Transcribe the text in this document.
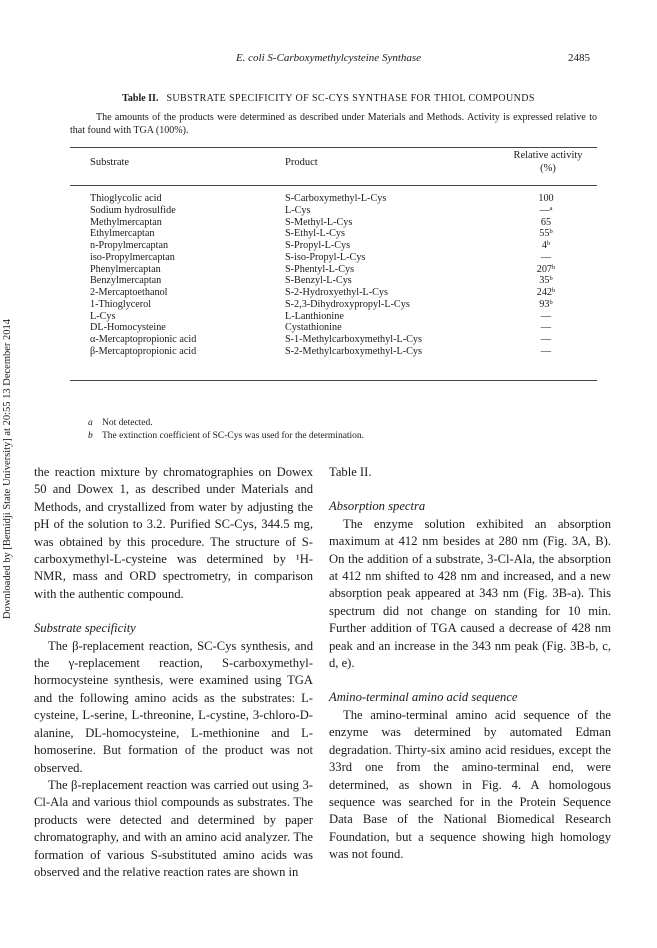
Downloaded by [Bemidji State University] at 20:55 13 December 2014
E. coli S-Carboxymethylcysteine Synthase	2485
Table II. SUBSTRATE SPECIFICITY OF SC-CYS SYNTHASE FOR THIOL COMPOUNDS
The amounts of the products were determined as described under Materials and Methods. Activity is expressed relative to that found with TGA (100%).
Substrate	Product
Relative activity
(%)
Thioglycolic acid	S-Carboxymethyl-L-Cys	100
Sodium hydrosulfide	L-Cys	—$^a$
Methylmercaptan	S-Methyl-L-Cys	65
Ethylmercaptan	S-Ethyl-L-Cys	55$^b$
n-Propylmercaptan	S-Propyl-L-Cys	4$^b$
iso-Propylmercaptan	S-iso-Propyl-L-Cys	—
Phenylmercaptan	S-Phentyl-L-Cys	207$^b$
Benzylmercaptan	S-Benzyl-L-Cys	35$^b$
2-Mercaptoethanol	S-2-Hydroxyethyl-L-Cys	242$^b$
1-Thioglycerol	S-2,3-Dihydroxypropyl-L-Cys	93$^b$
L-Cys	L-Lanthionine	—
DL-Homocysteine	Cystathionine	—
α-Mercaptopropionic acid	S-1-Methylcarboxymethyl-L-Cys	—
β-Mercaptopropionic acid	S-2-Methylcarboxymethyl-L-Cys	—
a Not detected.
b The extinction coefficient of SC-Cys was used for the determination.
the reaction mixture by chromatographies on Dowex 50 and Dowex 1, as described under Materials and Methods, and crystallized from water by adjusting the pH of the solution to 3.2. Purified SC-Cys, 344.5 mg, was obtained by this procedure. The structure of S-carboxymethyl-L-cysteine was determined by ¹H-NMR, mass and ORD spectrometry, in comparison with the authentic compound.
Substrate specificity
The β-replacement reaction, SC-Cys synthesis, and the γ-replacement reaction, S-carboxymethyl-hormocysteine synthesis, were examined using TGA and the following amino acids as the substrates: L-cysteine, L-serine, L-threonine, L-cystine, 3-chloro-D-alanine, DL-homocysteine, L-methionine and L-homoserine. But formation of the product was not observed.
The β-replacement reaction was carried out using 3-Cl-Ala and various thiol compounds as substrates. The products were detected and determined by paper chromatography, and with an amino acid analyzer. The formation of various S-substituted amino acids was observed and the relative reaction rates are shown in
Table II.
Absorption spectra
The enzyme solution exhibited an absorption maximum at 412 nm besides at 280 nm (Fig. 3A, B). On the addition of a substrate, 3-Cl-Ala, the absorption at 412 nm shifted to 428 nm and increased, and a new absorption peak appeared at 343 nm (Fig. 3B-a). This spectrum did not change on standing for 10 min. Further addition of TGA caused a decrease of 428 nm peak and an increase in the 343 nm peak (Fig. 3B-b, c, d, e).
Amino-terminal amino acid sequence
The amino-terminal amino acid sequence of the enzyme was determined by automated Edman degradation. Thirty-six amino acid residues, except the 33rd one from the amino-terminal end, were determined, as shown in Fig. 4. A homologous sequence was searched for in the Protein Sequence Data Base of the National Biomedical Research Foundation, but a sequence showing high homology was not found.
